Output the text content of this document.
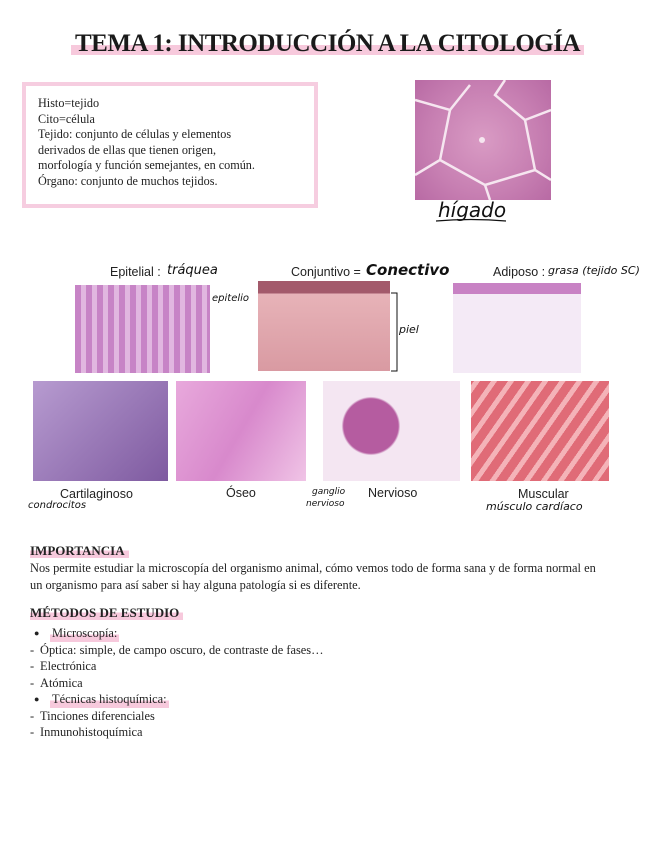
TEMA 1: INTRODUCCIÓN A LA CITOLOGÍA

Histo=tejido

Cito=célula

Tejido: conjunto de células y elementos

derivados de ellas que tienen origen,

morfología y función semejantes, en común.

Órgano: conjunto de muchos tejidos.

hígado
Epitelial : tráquea	Conjuntivo = Conectivo
epitelio
piel
Adiposo : grasa (tejido SC)
Cartilaginoso
condrocitos
Óseo	Nervioso
ganglio
nervioso
Muscular
músculo cardíaco
IMPORTANCIA
Nos permite estudiar la microscopía del organismo animal, cómo vemos todo de forma sana y de forma normal en un organismo para así saber si hay alguna patología si es diferente.
MÉTODOS DE ESTUDIO
●	Microscopía:
- Óptica: simple, de campo oscuro, de contraste de fases…
- Electrónica
- Atómica
●	Técnicas histoquímica:
- Tinciones diferenciales
- Inmunohistoquímica
